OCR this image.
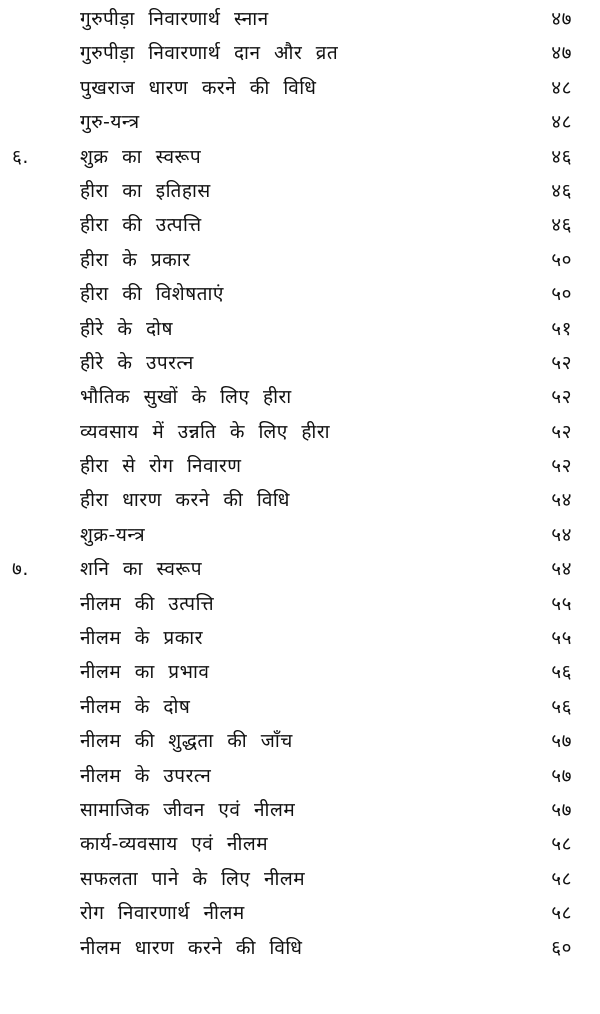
गुरुपीड़ा निवारणार्थ स्नान	४७
गुरुपीड़ा निवारणार्थ दान और व्रत	४७
पुखराज धारण करने की विधि	४८
गुरु-यन्त्र	४८
६.	शुक्र का स्वरूप	४६
हीरा का इतिहास	४६
हीरा की उत्पत्ति	४६
हीरा के प्रकार	५०
हीरा की विशेषताएं	५०
हीरे के दोष	५१
हीरे के उपरत्न	५२
भौतिक सुखों के लिए हीरा	५२
व्यवसाय में उन्नति के लिए हीरा	५२
हीरा से रोग निवारण	५२
हीरा धारण करने की विधि	५४
शुक्र-यन्त्र	५४
७.	शनि का स्वरूप	५४
नीलम की उत्पत्ति	५५
नीलम के प्रकार	५५
नीलम का प्रभाव	५६
नीलम के दोष	५६
नीलम की शुद्धता की जाँच	५७
नीलम के उपरत्न	५७
सामाजिक जीवन एवं नीलम	५७
कार्य-व्यवसाय एवं नीलम	५८
सफलता पाने के लिए नीलम	५८
रोग निवारणार्थ नीलम	५८
नीलम धारण करने की विधि	६०
